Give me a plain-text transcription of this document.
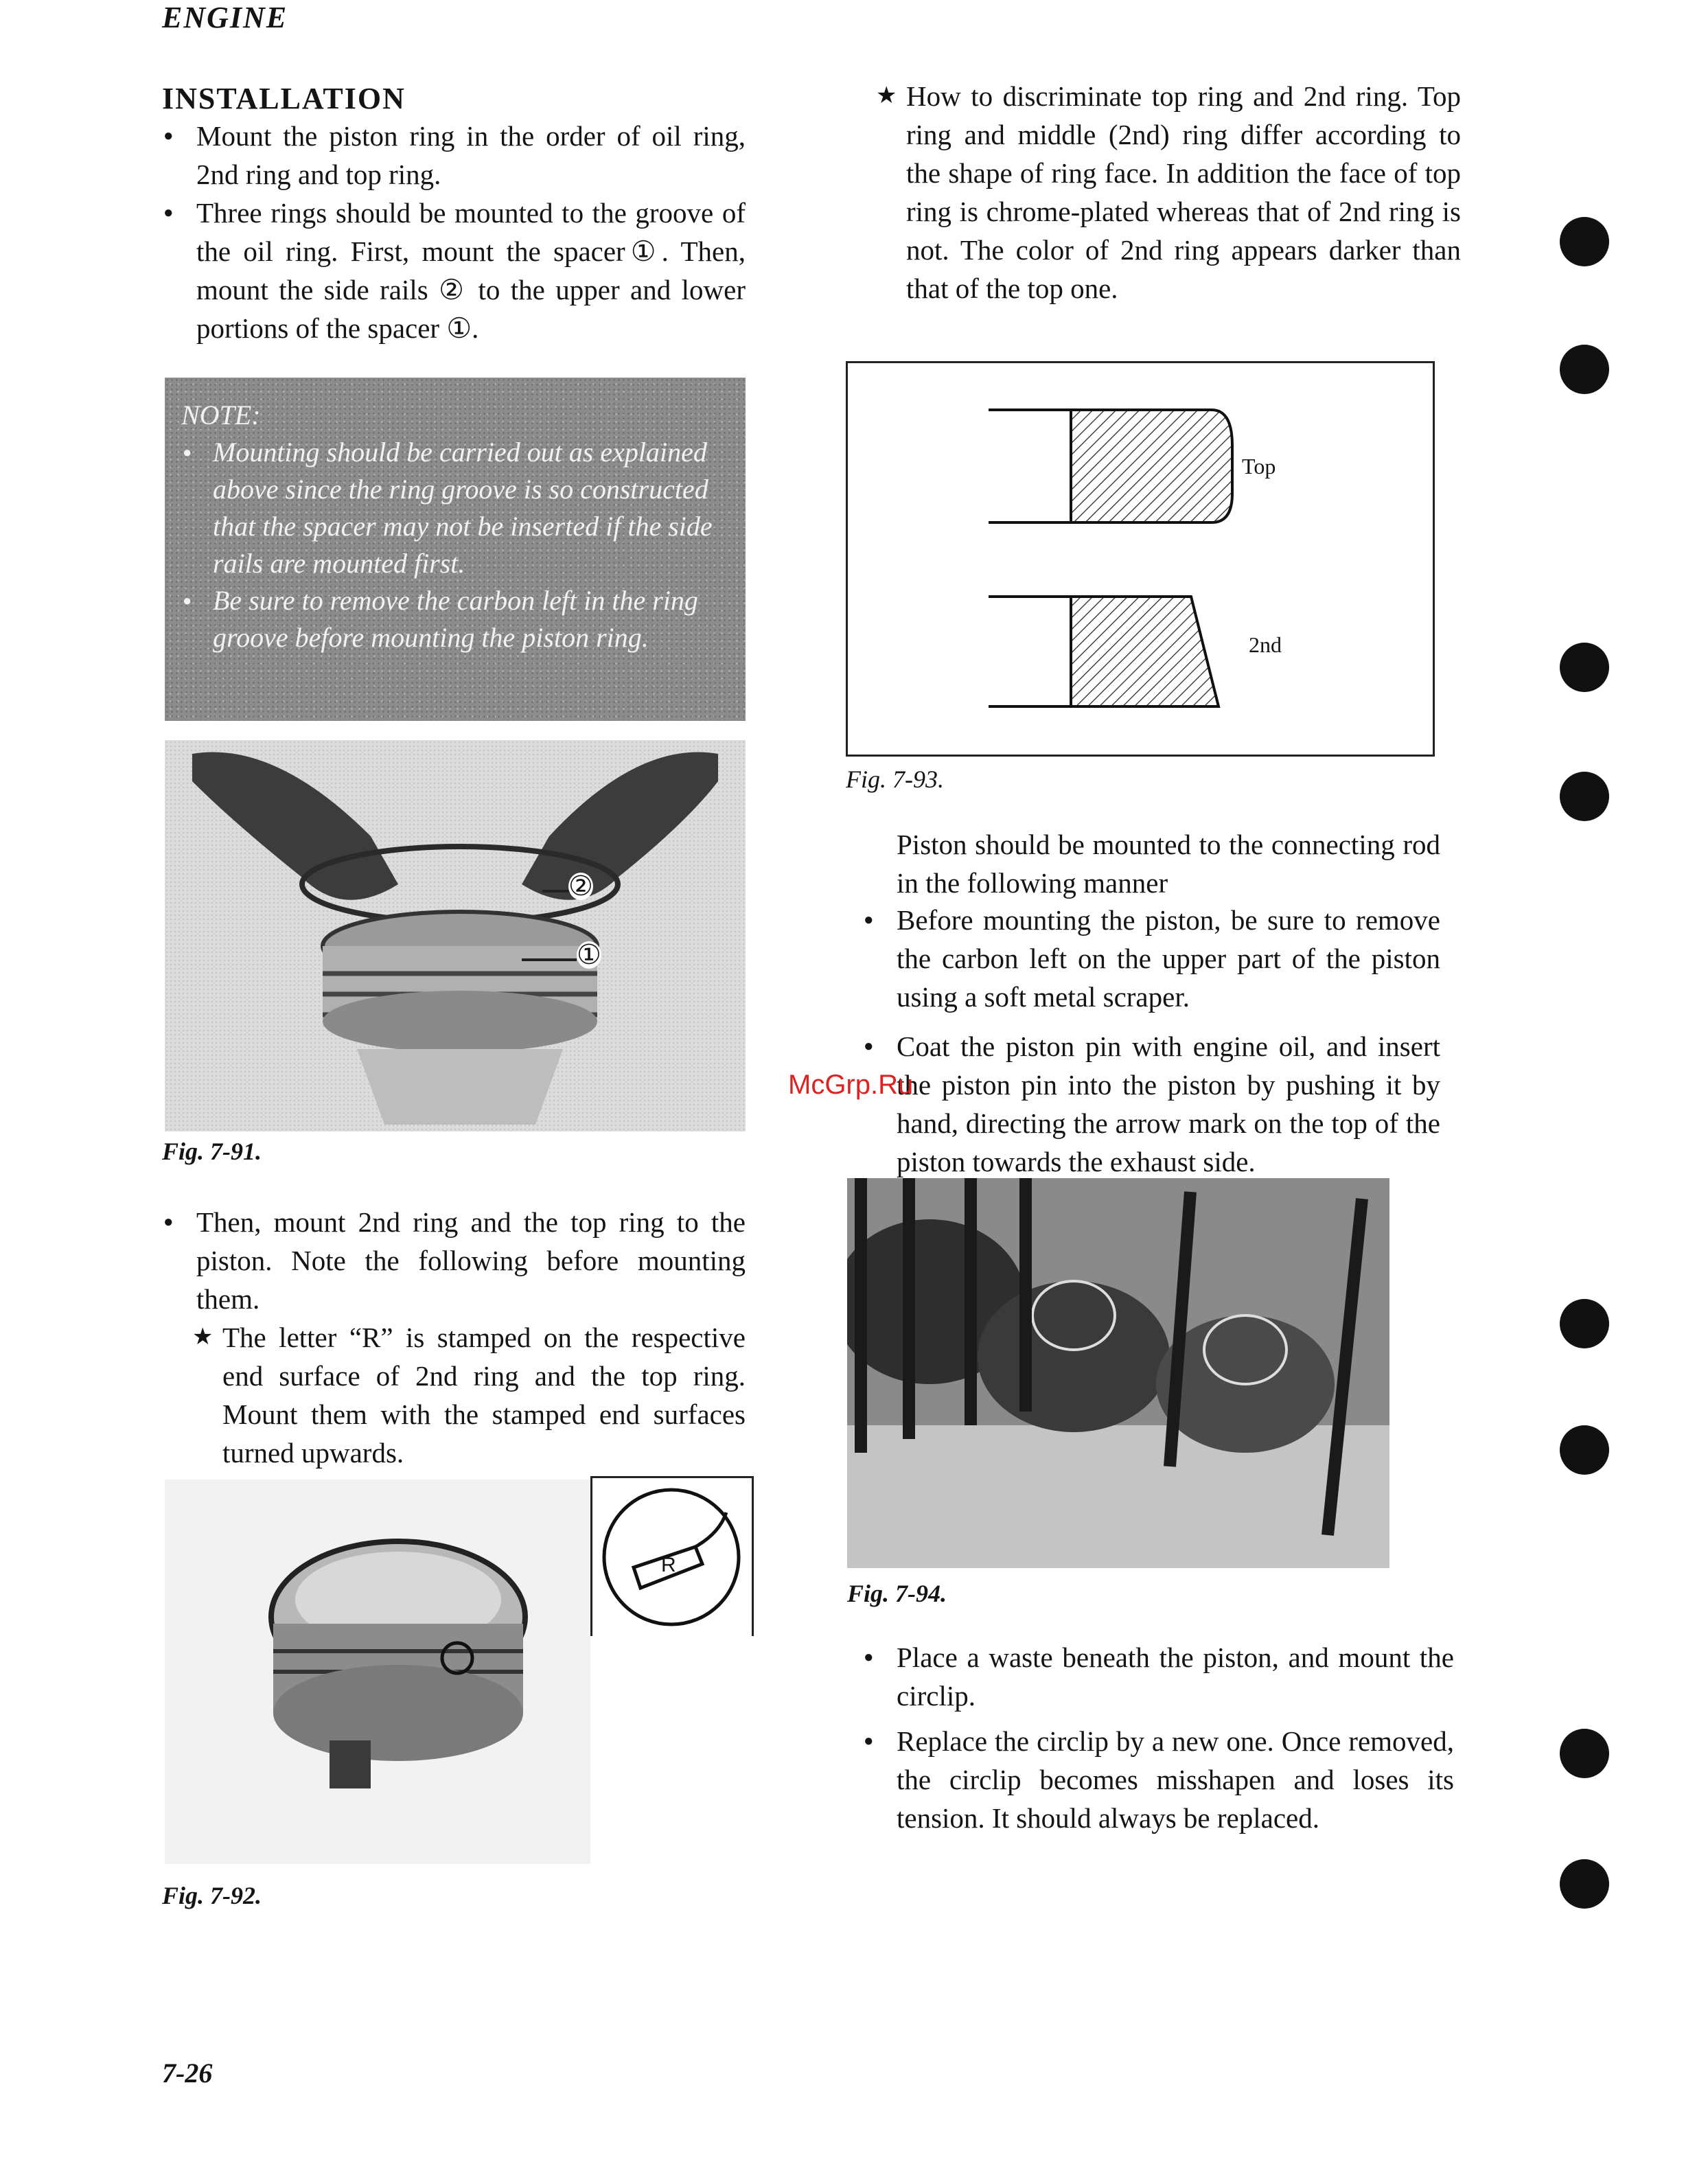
ENGINE
INSTALLATION
● Mount the piston ring in the order of oil ring, 2nd ring and top ring.
● Three rings should be mounted to the groove of the oil ring. First, mount the spacer①. Then, mount the side rails ② to the upper and lower portions of the spacer ①.
NOTE:
● Mounting should be carried out as explained above since the ring groove is so constructed that the spacer may not be inserted if the side rails are mounted first.
● Be sure to remove the carbon left in the ring groove before mounting the piston ring.
②
①
Fig. 7-91.
● Then, mount 2nd ring and the top ring to the piston. Note the following before mounting them.
★ The letter “R” is stamped on the respective end surface of 2nd ring and the top ring. Mount them with the stamped end surfaces turned upwards.
R
Fig. 7-92.
★ How to discriminate top ring and 2nd ring. Top ring and middle (2nd) ring differ according to the shape of ring face. In addition the face of top ring is chrome-plated whereas that of 2nd ring is not. The color of 2nd ring appears darker than that of the top one.
Top
2nd
Fig. 7-93.
Piston should be mounted to the connecting rod in the following manner
● Before mounting the piston, be sure to remove the carbon left on the upper part of the piston using a soft metal scraper.
● Coat the piston pin with engine oil, and insert the piston pin into the piston by pushing it by hand, directing the arrow mark on the top of the piston towards the exhaust side.
Fig. 7-94.
● Place a waste beneath the piston, and mount the circlip.
● Replace the circlip by a new one. Once removed, the circlip becomes misshapen and loses its tension. It should always be replaced.
McGrp.Ru
7-26
